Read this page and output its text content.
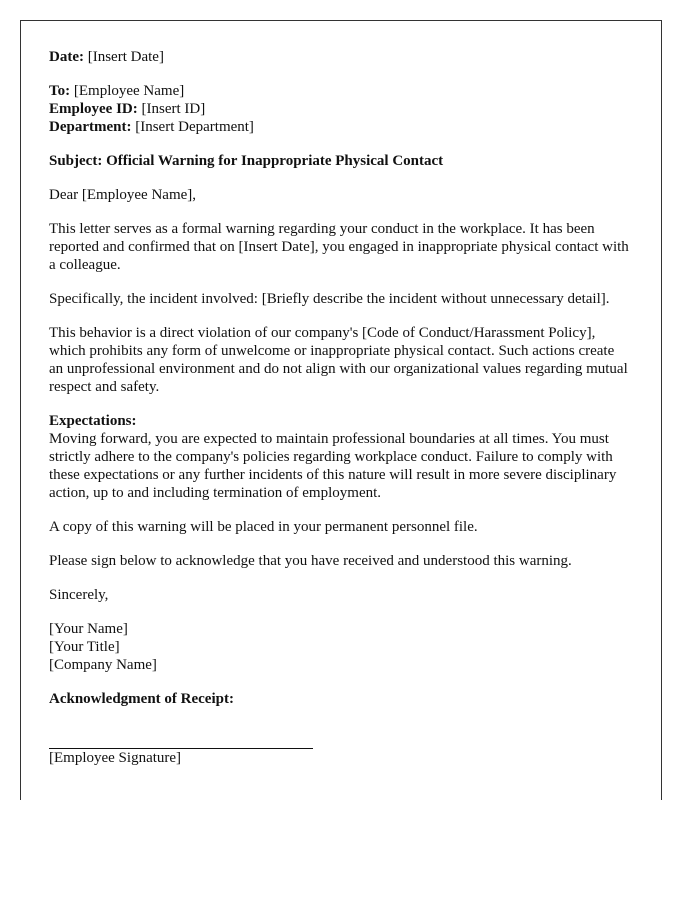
Date: [Insert Date]

To: [Employee Name]
Employee ID: [Insert ID]
Department: [Insert Department]

Subject: Official Warning for Inappropriate Physical Contact

Dear [Employee Name],

This letter serves as a formal warning regarding your conduct in the workplace. It has been reported and confirmed that on [Insert Date], you engaged in inappropriate physical contact with a colleague.

Specifically, the incident involved: [Briefly describe the incident without unnecessary detail].

This behavior is a direct violation of our company's [Code of Conduct/Harassment Policy], which prohibits any form of unwelcome or inappropriate physical contact. Such actions create an unprofessional environment and do not align with our organizational values regarding mutual respect and safety.

Expectations:
Moving forward, you are expected to maintain professional boundaries at all times. You must strictly adhere to the company's policies regarding workplace conduct. Failure to comply with these expectations or any further incidents of this nature will result in more severe disciplinary action, up to and including termination of employment.

A copy of this warning will be placed in your permanent personnel file.

Please sign below to acknowledge that you have received and understood this warning.

Sincerely,

[Your Name]
[Your Title]
[Company Name]

Acknowledgment of Receipt:

[Employee Signature]
